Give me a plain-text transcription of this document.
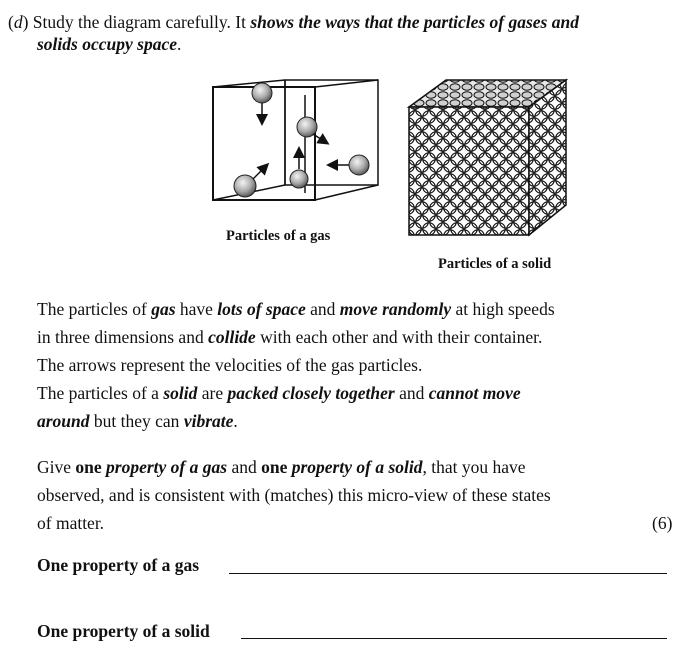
(d) Study the diagram carefully. It shows the ways that the particles of gases and
solids occupy space.
Particles of a gas
Particles of a solid
The particles of gas have lots of space and move randomly at high speeds
in three dimensions and collide with each other and with their container.
The arrows represent the velocities of the gas particles.
The particles of a solid are packed closely together and cannot move
around but they can vibrate.
Give one property of a gas and one property of a solid, that you have
observed, and is consistent with (matches) this micro-view of these states
of matter.	(6)
One property of a gas
One property of a solid
